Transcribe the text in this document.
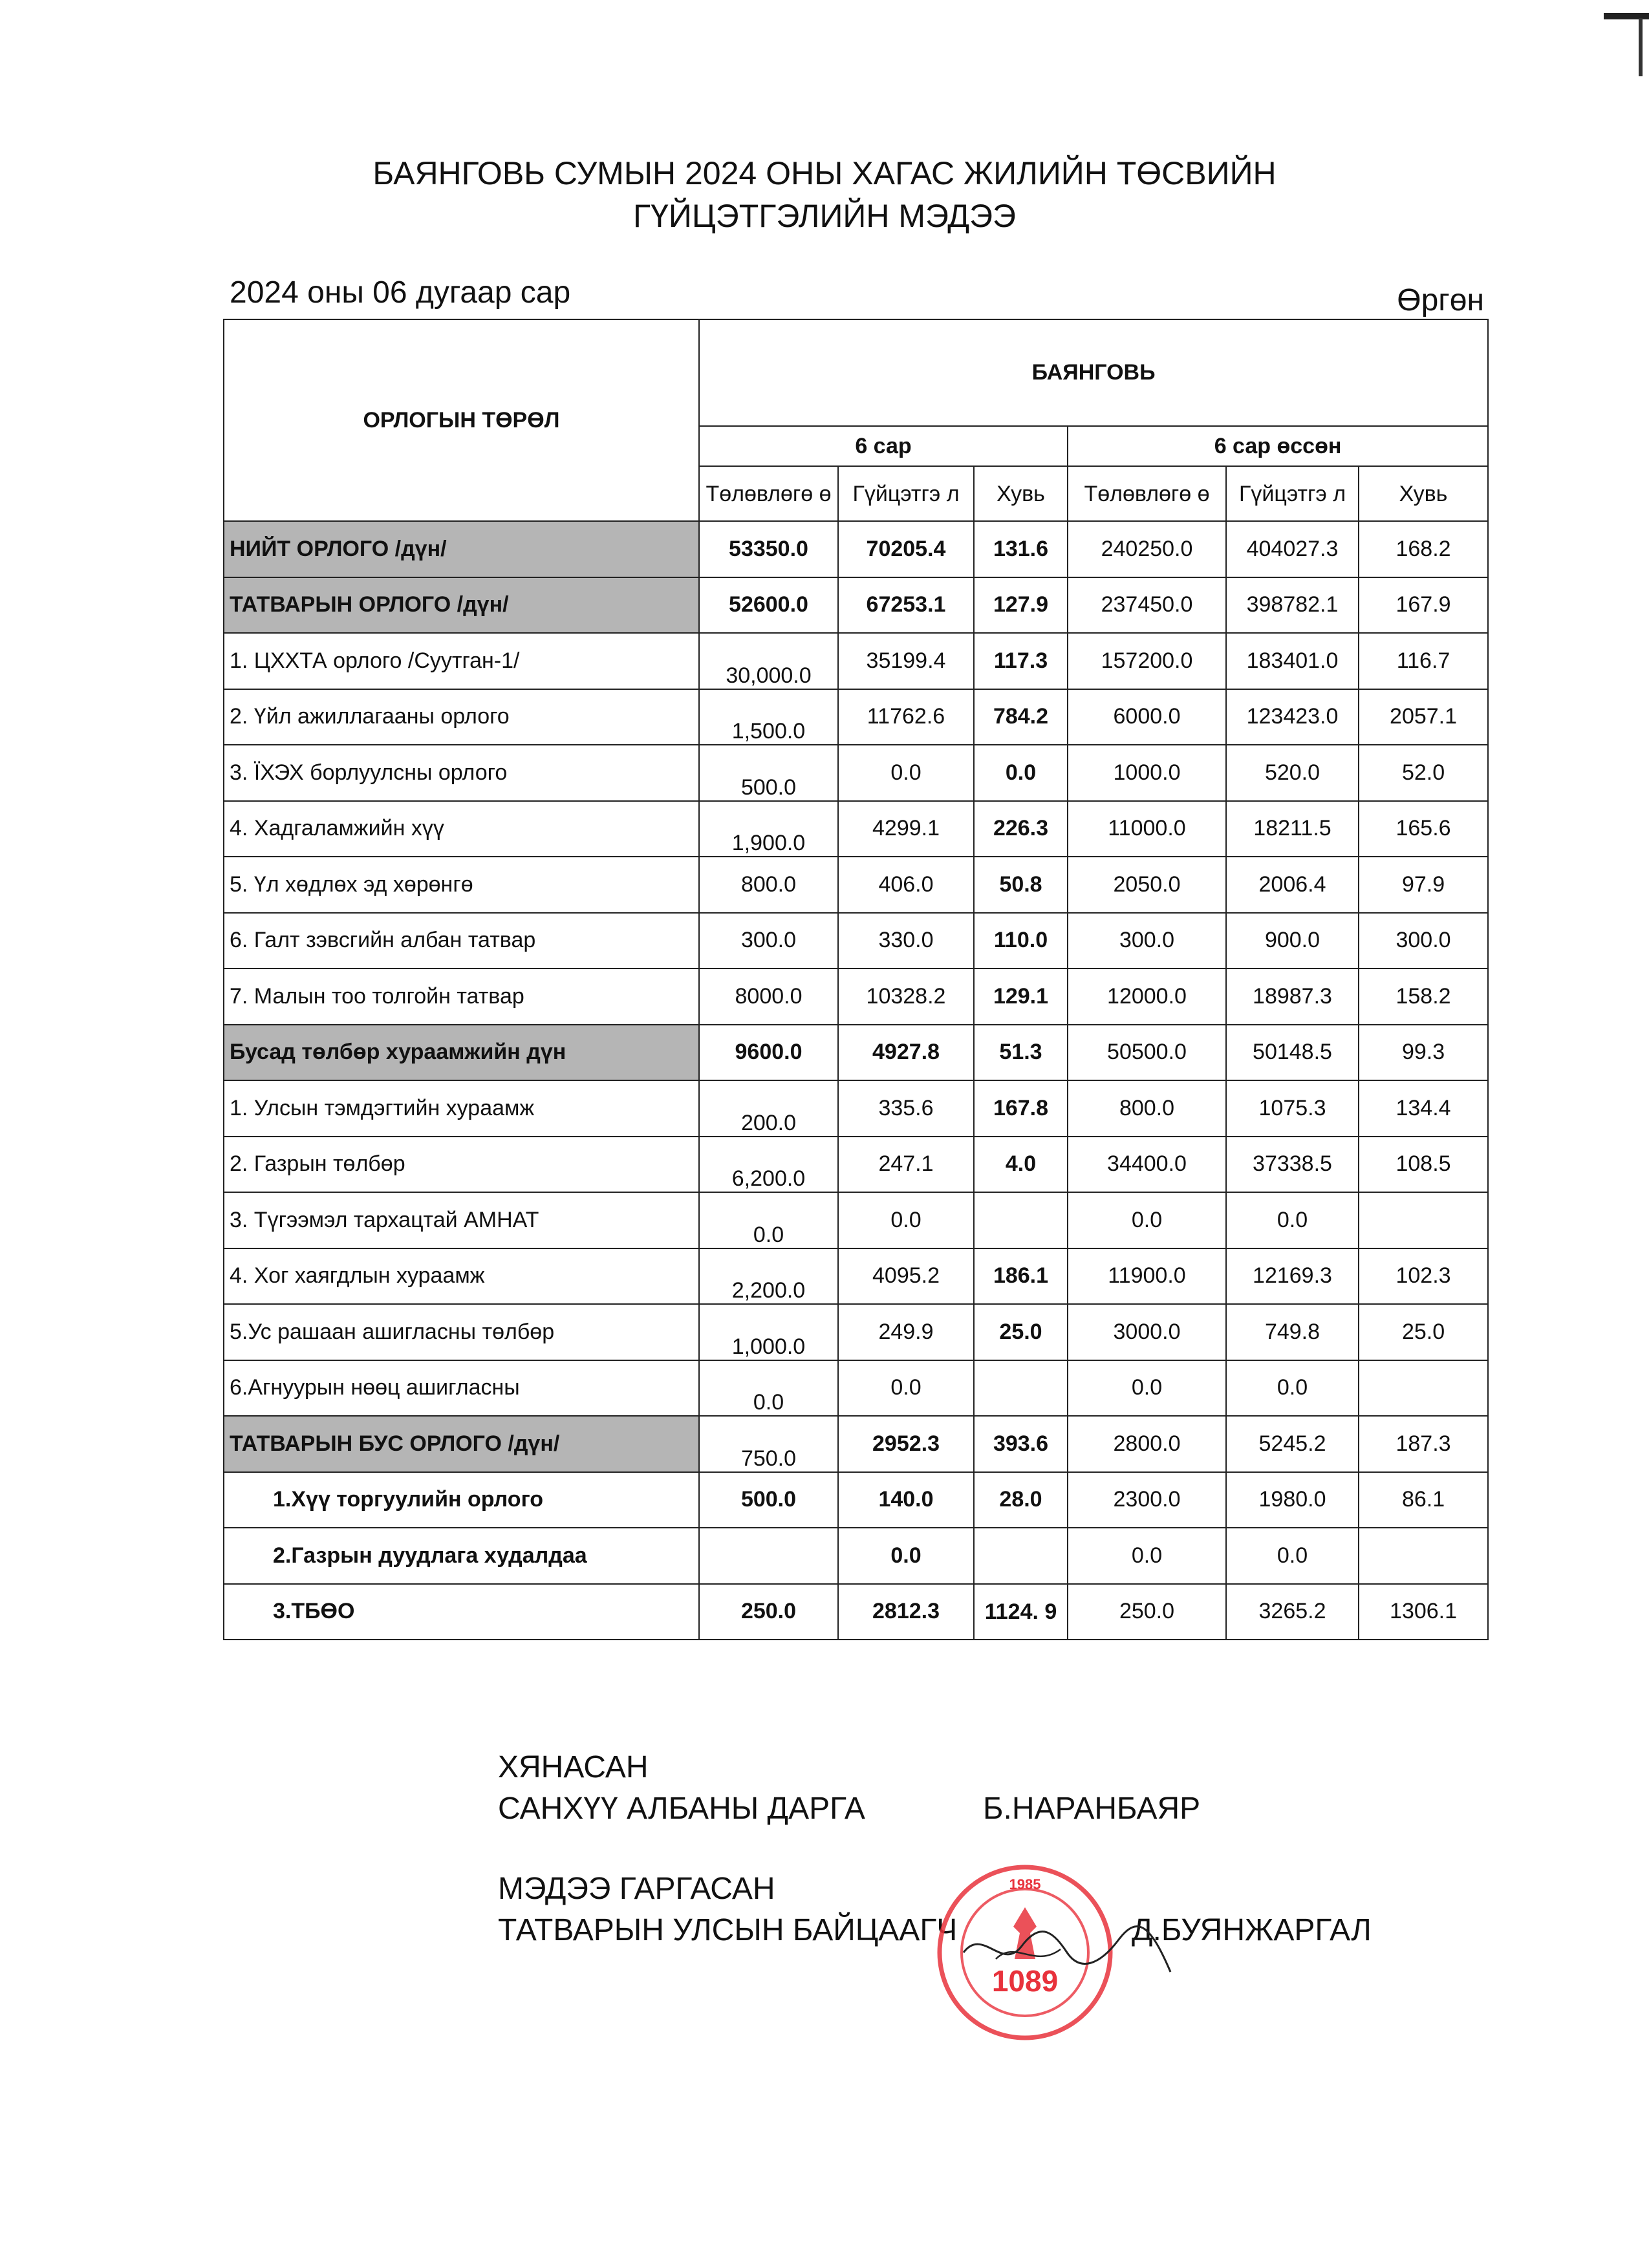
БАЯНГОВЬ СУМЫН 2024 ОНЫ ХАГАС ЖИЛИЙН ТӨСВИЙН
ГҮЙЦЭТГЭЛИЙН МЭДЭЭ
2024 оны 06 дугаар сар	Өргөн
ОРЛОГЫН ТӨРӨЛ	БАЯНГОВЬ					
	6 сар			6 сар өссөн		
	Төлөвлөгө ө	Гүйцэтгэ л	Хувь	Төлөвлөгө ө	Гүйцэтгэ л	Хувь
НИЙТ ОРЛОГО /дүн/	53350.0	70205.4	131.6	240250.0	404027.3	168.2
ТАТВАРЫН ОРЛОГО /дүн/	52600.0	67253.1	127.9	237450.0	398782.1	167.9
1. ЦХХТА орлого /Суутган-1/	30,000.0	35199.4	117.3	157200.0	183401.0	116.7
2. Үйл ажиллагааны орлого	1,500.0	11762.6	784.2	6000.0	123423.0	2057.1
3. ЇХЭХ борлуулсны орлого	500.0	0.0	0.0	1000.0	520.0	52.0
4. Хадгаламжийн хүү	1,900.0	4299.1	226.3	11000.0	18211.5	165.6
5. Үл хөдлөх эд хөрөнгө	800.0	406.0	50.8	2050.0	2006.4	97.9
6. Галт зэвсгийн албан татвар	300.0	330.0	110.0	300.0	900.0	300.0
7. Малын тоо толгойн татвар	8000.0	10328.2	129.1	12000.0	18987.3	158.2
Бусад төлбөр хураамжийн дүн	9600.0	4927.8	51.3	50500.0	50148.5	99.3
1. Улсын тэмдэгтийн хураамж	200.0	335.6	167.8	800.0	1075.3	134.4
2. Газрын төлбөр	6,200.0	247.1	4.0	34400.0	37338.5	108.5
3. Түгээмэл тархацтай АМНАТ	0.0	0.0		0.0	0.0	
4. Хог хаягдлын хураамж	2,200.0	4095.2	186.1	11900.0	12169.3	102.3
5.Ус рашаан ашигласны төлбөр	1,000.0	249.9	25.0	3000.0	749.8	25.0
6.Агнуурын нөөц ашигласны	0.0	0.0		0.0	0.0	
ТАТВАРЫН БУС ОРЛОГО /дүн/	750.0	2952.3	393.6	2800.0	5245.2	187.3
1.Хүү торгуулийн орлого	500.0	140.0	28.0	2300.0	1980.0	86.1
2.Газрын дуудлага худалдаа		0.0		0.0	0.0	
3.ТБӨО	250.0	2812.3	1124. 9	250.0	3265.2	1306.1
ХЯНАСАН
САНХҮҮ АЛБАНЫ ДАРГА	Б.НАРАНБАЯР
МЭДЭЭ ГАРГАСАН
ТАТВАРЫН УЛСЫН БАЙЦААГЧ	Д.БУЯНЖАРГАЛ
1985
1089
